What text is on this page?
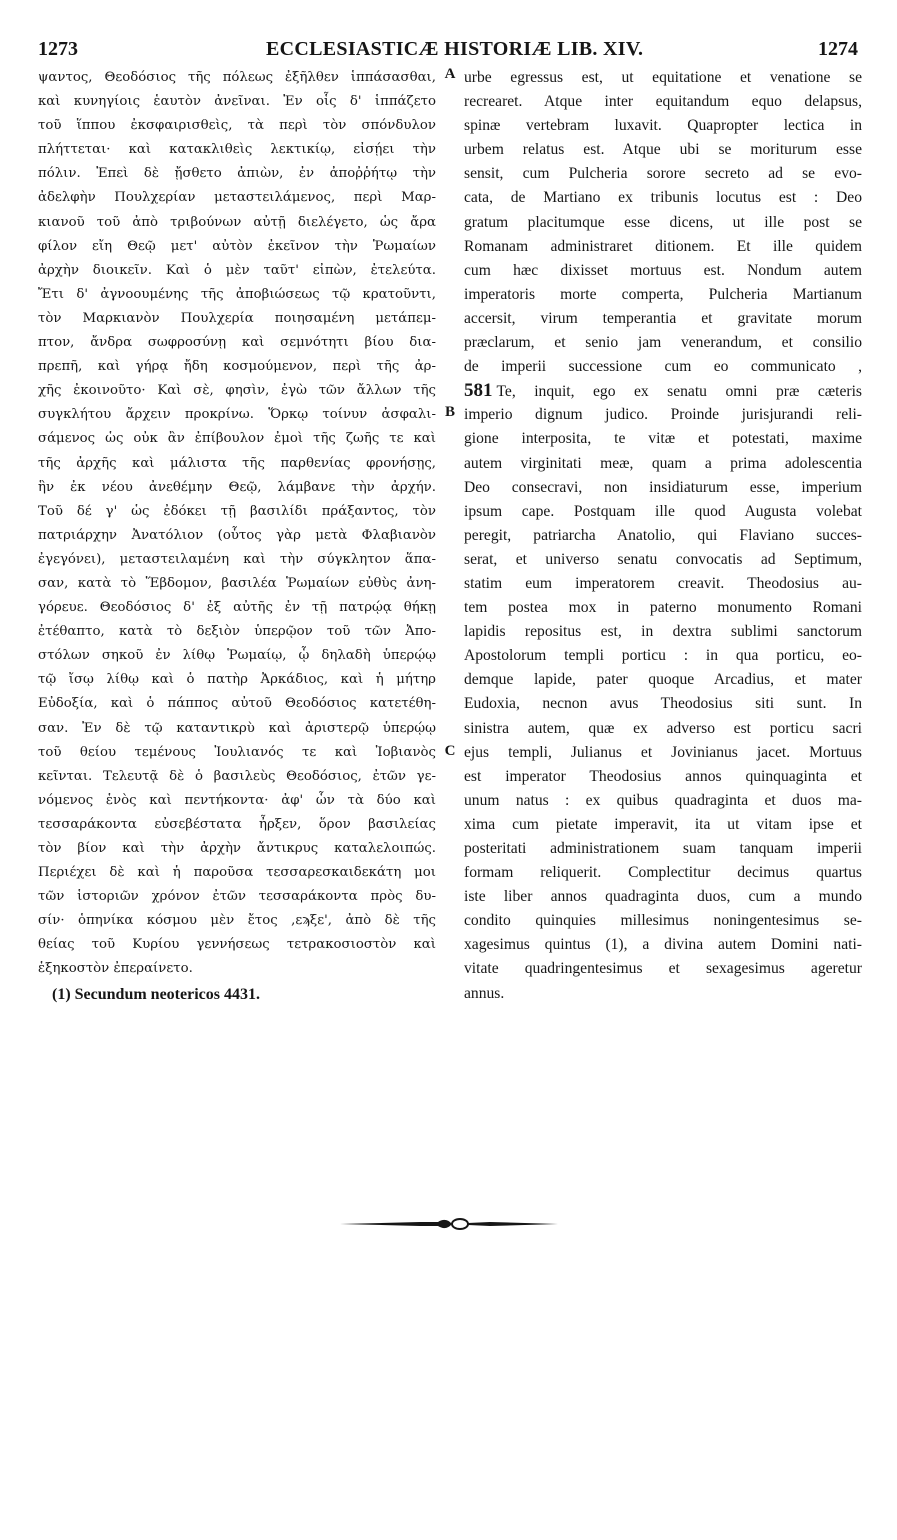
1273	ECCLESIASTICÆ HISTORIÆ LIB. XIV.	1274
ψαντος, Θεοδόσιος τῆς πόλεως ἐξῆλθεν ἱππάσασθαι,
καὶ κυνηγίοις ἑαυτὸν ἀνεῖναι. Ἐν οἷς δ' ἱππάζετο
τοῦ ἵππου ἐκσφαιρισθεὶς, τὰ περὶ τὸν σπόνδυλον
πλήττεται· καὶ κατακλιθεὶς λεκτικίῳ, εἰσῄει τὴν
πόλιν. Ἐπεὶ δὲ ᾔσθετο ἀπιὼν, ἐν ἀποῤῥήτῳ τὴν
ἀδελφὴν Πουλχερίαν μεταστειλάμενος, περὶ Μαρ-
κιανοῦ τοῦ ἀπὸ τριβούνων αὐτῇ διελέγετο, ὡς ἄρα
φίλον εἴη Θεῷ μετ' αὐτὸν ἐκεῖνον τὴν Ῥωμαίων
ἀρχὴν διοικεῖν. Καὶ ὁ μὲν ταῦτ' εἰπὼν, ἐτελεύτα.
Ἔτι δ' ἀγνοουμένης τῆς ἀποβιώσεως τῷ κρατοῦντι,
τὸν Μαρκιανὸν Πουλχερία ποιησαμένη μετάπεμ-
πτον, ἄνδρα σωφροσύνῃ καὶ σεμνότητι βίου δια-
πρεπῆ, καὶ γήρᾳ ἤδη κοσμούμενον, περὶ τῆς ἀρ-
χῆς ἐκοινοῦτο· Καὶ σὲ, φησὶν, ἐγὼ τῶν ἄλλων τῆς
συγκλήτου ἄρχειν προκρίνω. Ὅρκῳ τοίνυν ἀσφαλι-
σάμενος ὡς οὐκ ἂν ἐπίβουλον ἐμοὶ τῆς ζωῆς τε καὶ
τῆς ἀρχῆς καὶ μάλιστα τῆς παρθενίας φρονήσῃς,
ἣν ἐκ νέου ἀνεθέμην Θεῷ, λάμβανε τὴν ἀρχήν.
Τοῦ δέ γ' ὡς ἐδόκει τῇ βασιλίδι πράξαντος, τὸν
πατριάρχην Ἀνατόλιον (οὗτος γὰρ μετὰ Φλαβιανὸν
ἐγεγόνει), μεταστειλαμένη καὶ τὴν σύγκλητον ἅπα-
σαν, κατὰ τὸ Ἕβδομον, βασιλέα Ῥωμαίων εὐθὺς ἀνη-
γόρευε. Θεοδόσιος δ' ἐξ αὐτῆς ἐν τῇ πατρῴᾳ θήκῃ
ἐτέθαπτο, κατὰ τὸ δεξιὸν ὑπερῷον τοῦ τῶν Ἀπο-
στόλων σηκοῦ ἐν λίθῳ Ῥωμαίῳ, ᾧ δηλαδὴ ὑπερῴῳ
τῷ ἴσῳ λίθῳ καὶ ὁ πατὴρ Ἀρκάδιος, καὶ ἡ μήτηρ
Εὐδοξία, καὶ ὁ πάππος αὐτοῦ Θεοδόσιος κατετέθη-
σαν. Ἐν δὲ τῷ καταντικρὺ καὶ ἀριστερῷ ὑπερῴῳ
τοῦ θείου τεμένους Ἰουλιανός τε καὶ Ἰοβιανὸς
κεῖνται. Τελευτᾷ δὲ ὁ βασιλεὺς Θεοδόσιος, ἐτῶν γε-
νόμενος ἑνὸς καὶ πεντήκοντα· ἀφ' ὧν τὰ δύο καὶ
τεσσαράκοντα εὐσεβέστατα ἦρξεν, ὅρον βασιλείας
τὸν βίον καὶ τὴν ἀρχὴν ἄντικρυς καταλελοιπώς.
Περιέχει δὲ καὶ ἡ παροῦσα τεσσαρεσκαιδεκάτη μοι
τῶν ἱστοριῶν χρόνον ἐτῶν τεσσαράκοντα πρὸς δυ-
σίν· ὁπηνίκα κόσμου μὲν ἔτος ,εϡξε', ἀπὸ δὲ τῆς
θείας τοῦ Κυρίου γεννήσεως τετρακοσιοστὸν καὶ
ἑξηκοστὸν ἐπεραίνετο.
urbe egressus est, ut equitatione et venatione se
recrearet. Atque inter equitandum equo delapsus,
spinæ vertebram luxavit. Quapropter lectica in
urbem relatus est. Atque ubi se moriturum esse
sensit, cum Pulcheria sorore secreto ad se evo-
cata, de Martiano ex tribunis locutus est : Deo
gratum placitumque esse dicens, ut ille post se
Romanam administraret ditionem. Et ille quidem
cum hæc dixisset mortuus est. Nondum autem
imperatoris morte comperta, Pulcheria Martianum
accersit, virum temperantia et gravitate morum
præclarum, et senio jam venerandum, et consilio
de imperii successione cum eo communicato ,
581 Te, inquit, ego ex senatu omni præ cæteris
imperio dignum judico. Proinde jurisjurandi reli-
gione interposita, te vitæ et potestati, maxime
autem virginitati meæ, quam a prima adolescentia
Deo consecravi, non insidiaturum esse, imperium
ipsum cape. Postquam ille quod Augusta volebat
peregit, patriarcha Anatolio, qui Flaviano succes-
serat, et universo senatu convocatis ad Septimum,
statim eum imperatorem creavit. Theodosius au-
tem postea mox in paterno monumento Romani
lapidis repositus est, in dextra sublimi sanctorum
Apostolorum templi porticu : in qua porticu, eo-
demque lapide, pater quoque Arcadius, et mater
Eudoxia, necnon avus Theodosius siti sunt. In
sinistra autem, quæ ex adverso est porticu sacri
ejus templi, Julianus et Jovinianus jacet. Mortuus
est imperator Theodosius annos quinquaginta et
unum natus : ex quibus quadraginta et duos ma-
xima cum pietate imperavit, ita ut vitam ipse et
posteritati administrationem suam tanquam imperii
formam reliquerit. Complectitur decimus quartus
iste liber annos quadraginta duos, cum a mundo
condito quinquies millesimus noningentesimus se-
xagesimus quintus (1), a divina autem Domini nati-
vitate quadringentesimus et sexagesimus ageretur
annus.
A
B
C
(1) Secundum neotericos 4431.
